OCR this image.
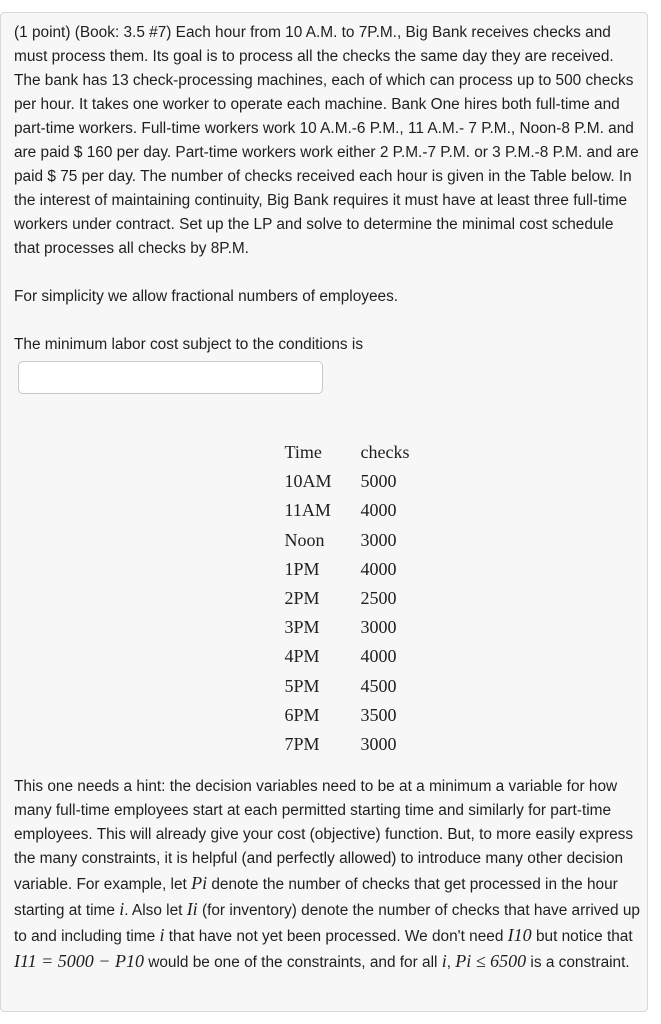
(1 point) (Book: 3.5 #7) Each hour from 10 A.M. to 7P.M., Big Bank receives checks and must process them. Its goal is to process all the checks the same day they are received. The bank has 13 check-processing machines, each of which can process up to 500 checks per hour. It takes one worker to operate each machine. Bank One hires both full-time and part-time workers. Full-time workers work 10 A.M.-6 P.M., 11 A.M.- 7 P.M., Noon-8 P.M. and are paid $ 160 per day. Part-time workers work either 2 P.M.-7 P.M. or 3 P.M.-8 P.M. and are paid $ 75 per day. The number of checks received each hour is given in the Table below. In the interest of maintaining continuity, Big Bank requires it must have at least three full-time workers under contract. Set up the LP and solve to determine the minimal cost schedule that processes all checks by 8P.M.

For simplicity we allow fractional numbers of employees.

The minimum labor cost subject to the conditions is

Time	checks
10AM	5000
11AM	4000
Noon	3000
1PM	4000
2PM	2500
3PM	3000
4PM	4000
5PM	4500
6PM	3500
7PM	3000

This one needs a hint: the decision variables need to be at a minimum a variable for how many full-time employees start at each permitted starting time and similarly for part-time employees. This will already give your cost (objective) function. But, to more easily express the many constraints, it is helpful (and perfectly allowed) to introduce many other decision variable. For example, let Pi denote the number of checks that get processed in the hour starting at time i. Also let Ii (for inventory) denote the number of checks that have arrived up to and including time i that have not yet been processed. We don't need I10 but notice that I11 = 5000 − P10 would be one of the constraints, and for all i, Pi ≤ 6500 is a constraint.
